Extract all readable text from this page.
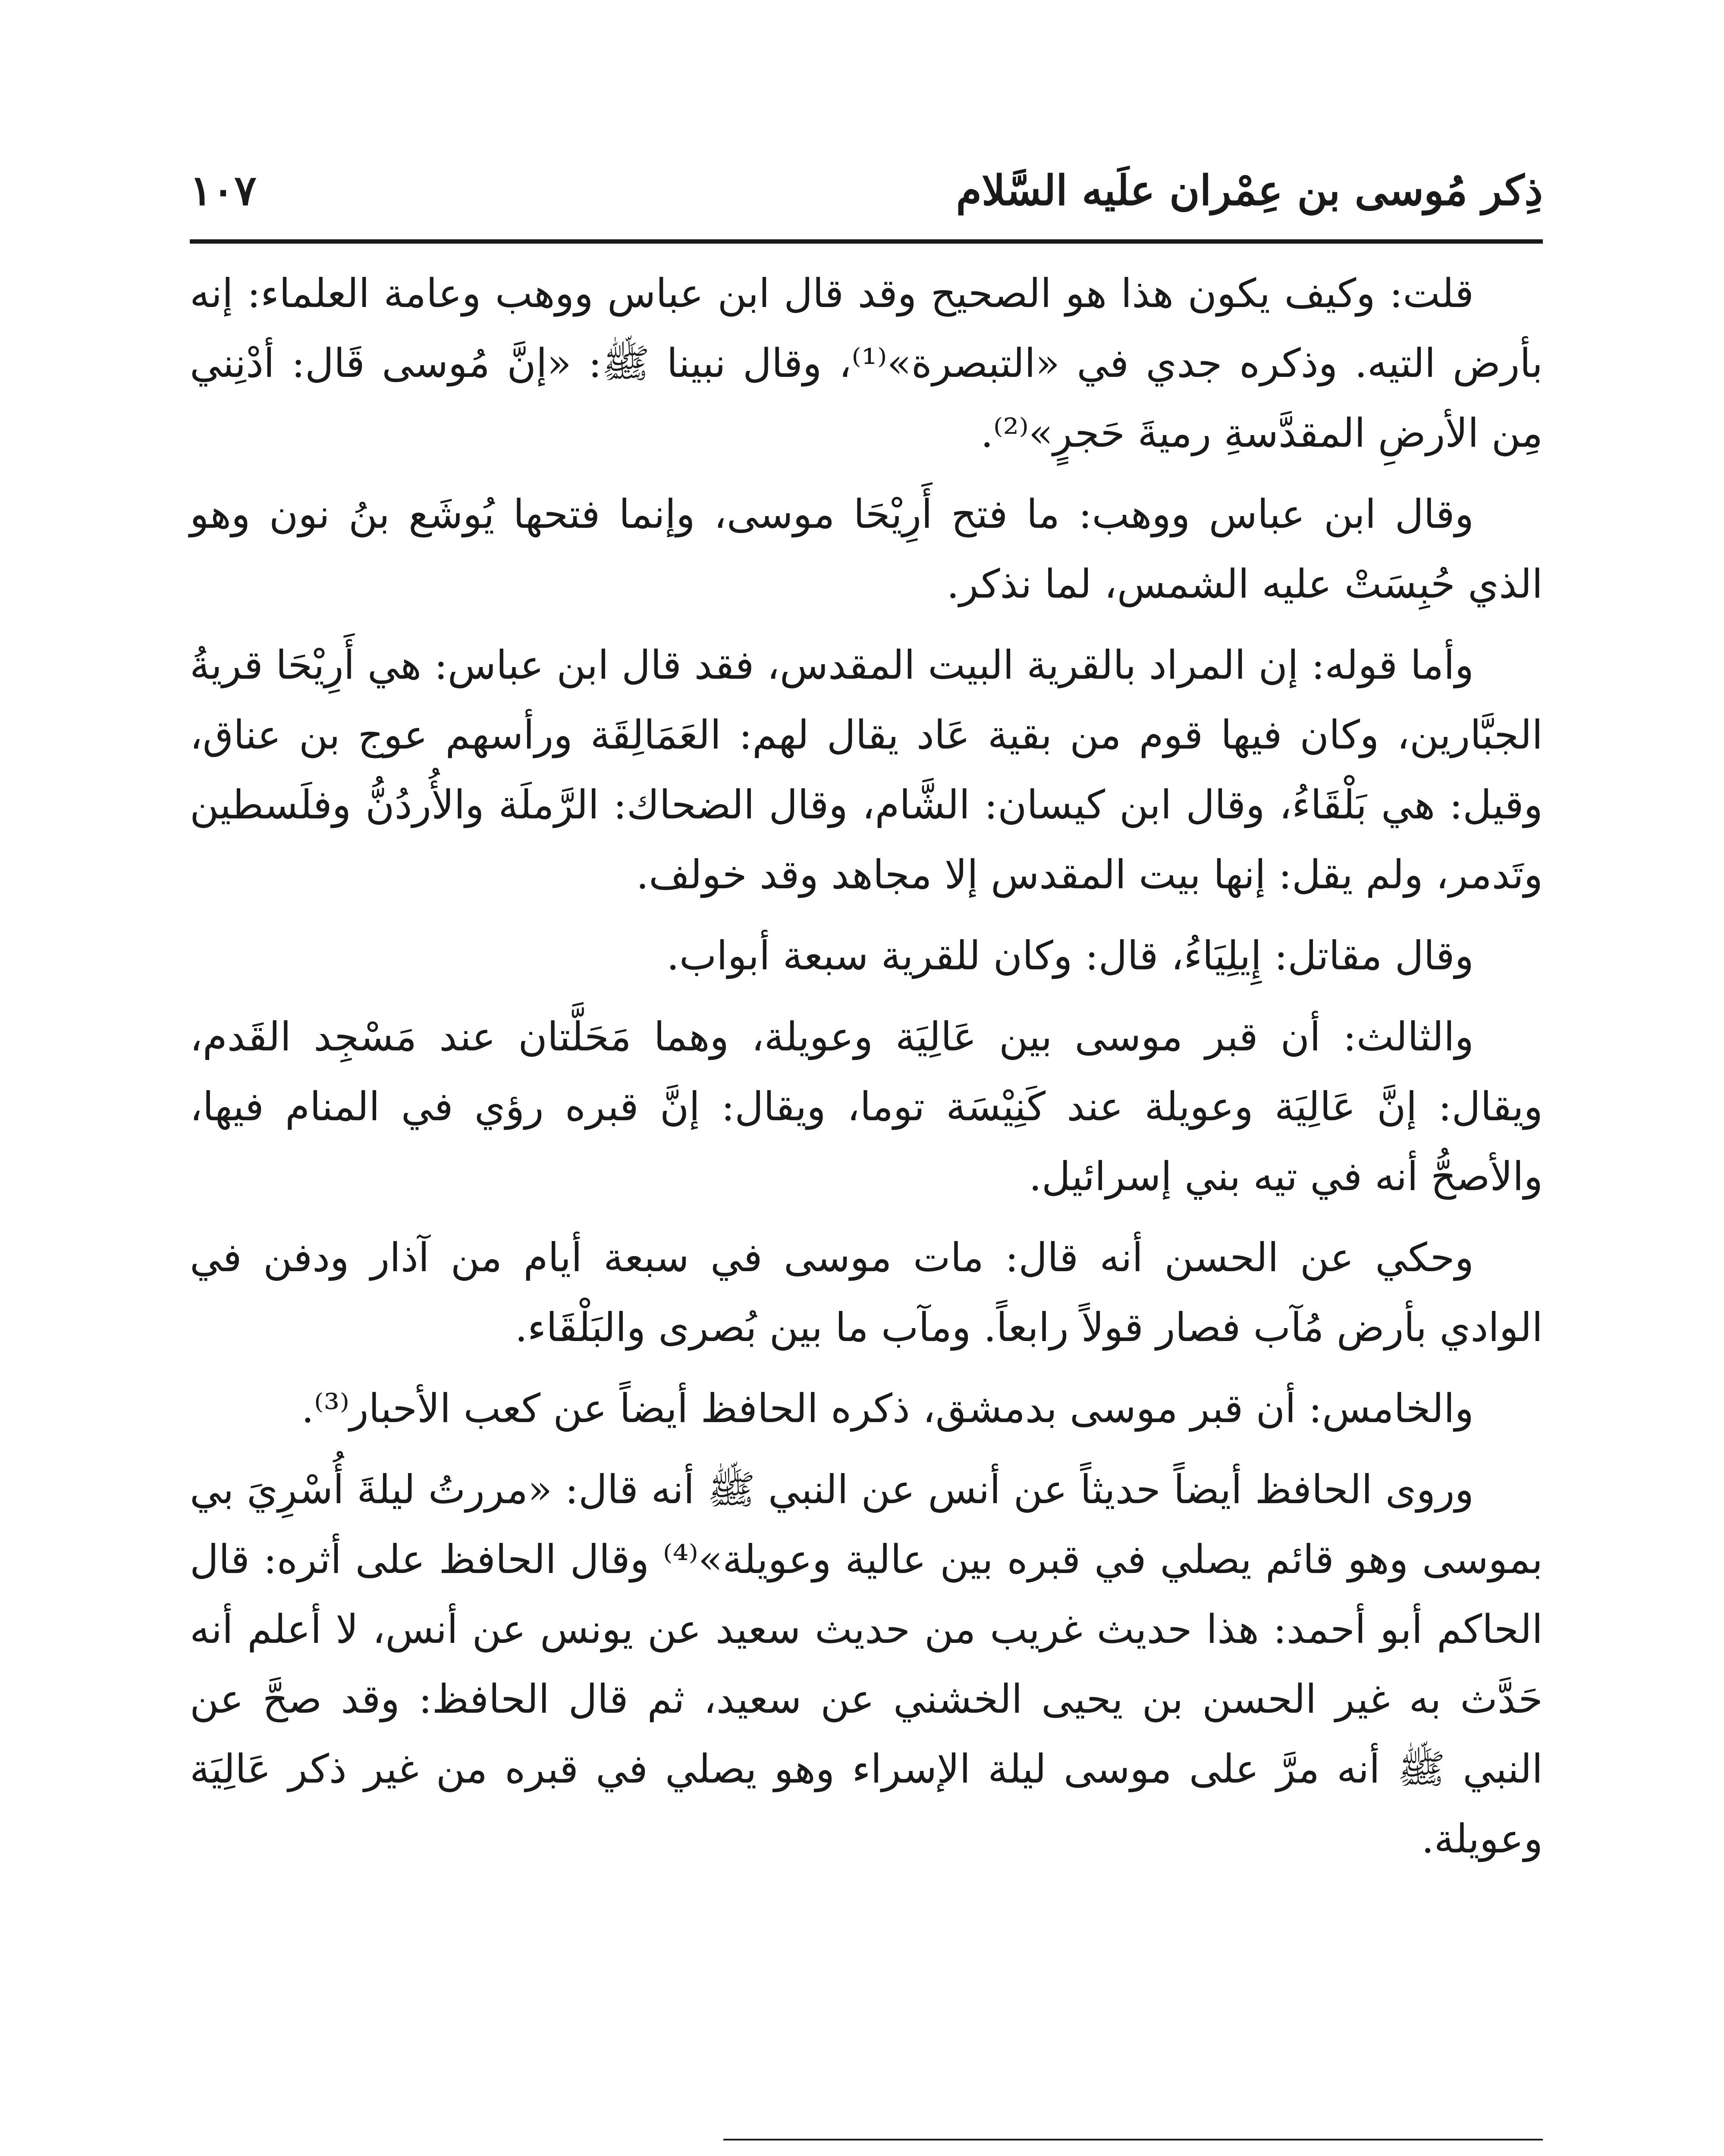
ذِكر مُوسى بن عِمْران علَيه السَّلام
١٠٧

قلت: وكيف يكون هذا هو الصحيح وقد قال ابن عباس ووهب وعامة العلماء: إنه بأرض التيه. وذكره جدي في «التبصرة»⁽¹⁾، وقال نبينا ﷺ: «إنَّ مُوسى قَال: أدْنِني مِن الأرضِ المقدَّسةِ رميةَ حَجرٍ»⁽²⁾.

وقال ابن عباس ووهب: ما فتح أَرِيْحَا موسى، وإنما فتحها يُوشَع بنُ نون وهو الذي حُبِسَتْ عليه الشمس، لما نذكر.

وأما قوله: إن المراد بالقرية البيت المقدس، فقد قال ابن عباس: هي أَرِيْحَا قريةُ الجبَّارين، وكان فيها قوم من بقية عَاد يقال لهم: العَمَالِقَة ورأسهم عوج بن عناق، وقيل: هي بَلْقَاءُ، وقال ابن كيسان: الشَّام، وقال الضحاك: الرَّملَة والأُردُنُّ وفلَسطين وتَدمر، ولم يقل: إنها بيت المقدس إلا مجاهد وقد خولف.

وقال مقاتل: إِيلِيَاءُ، قال: وكان للقرية سبعة أبواب.

والثالث: أن قبر موسى بين عَالِيَة وعويلة، وهما مَحَلَّتان عند مَسْجِد القَدم، ويقال: إنَّ عَالِيَة وعويلة عند كَنِيْسَة توما، ويقال: إنَّ قبره رؤي في المنام فيها، والأصحُّ أنه في تيه بني إسرائيل.

وحكي عن الحسن أنه قال: مات موسى في سبعة أيام من آذار ودفن في الوادي بأرض مُآب فصار قولاً رابعاً. ومآب ما بين بُصرى والبَلْقَاء.

والخامس: أن قبر موسى بدمشق، ذكره الحافظ أيضاً عن كعب الأحبار⁽³⁾.

وروى الحافظ أيضاً حديثاً عن أنس عن النبي ﷺ أنه قال: «مررتُ ليلةَ أُسْرِيَ بي بموسى وهو قائم يصلي في قبره بين عالية وعويلة»⁽⁴⁾ وقال الحافظ على أثره: قال الحاكم أبو أحمد: هذا حديث غريب من حديث سعيد عن يونس عن أنس، لا أعلم أنه حَدَّث به غير الحسن بن يحيى الخشني عن سعيد، ثم قال الحافظ: وقد صحَّ عن النبي ﷺ أنه مرَّ على موسى ليلة الإسراء وهو يصلي في قبره من غير ذكر عَالِيَة وعويلة.
